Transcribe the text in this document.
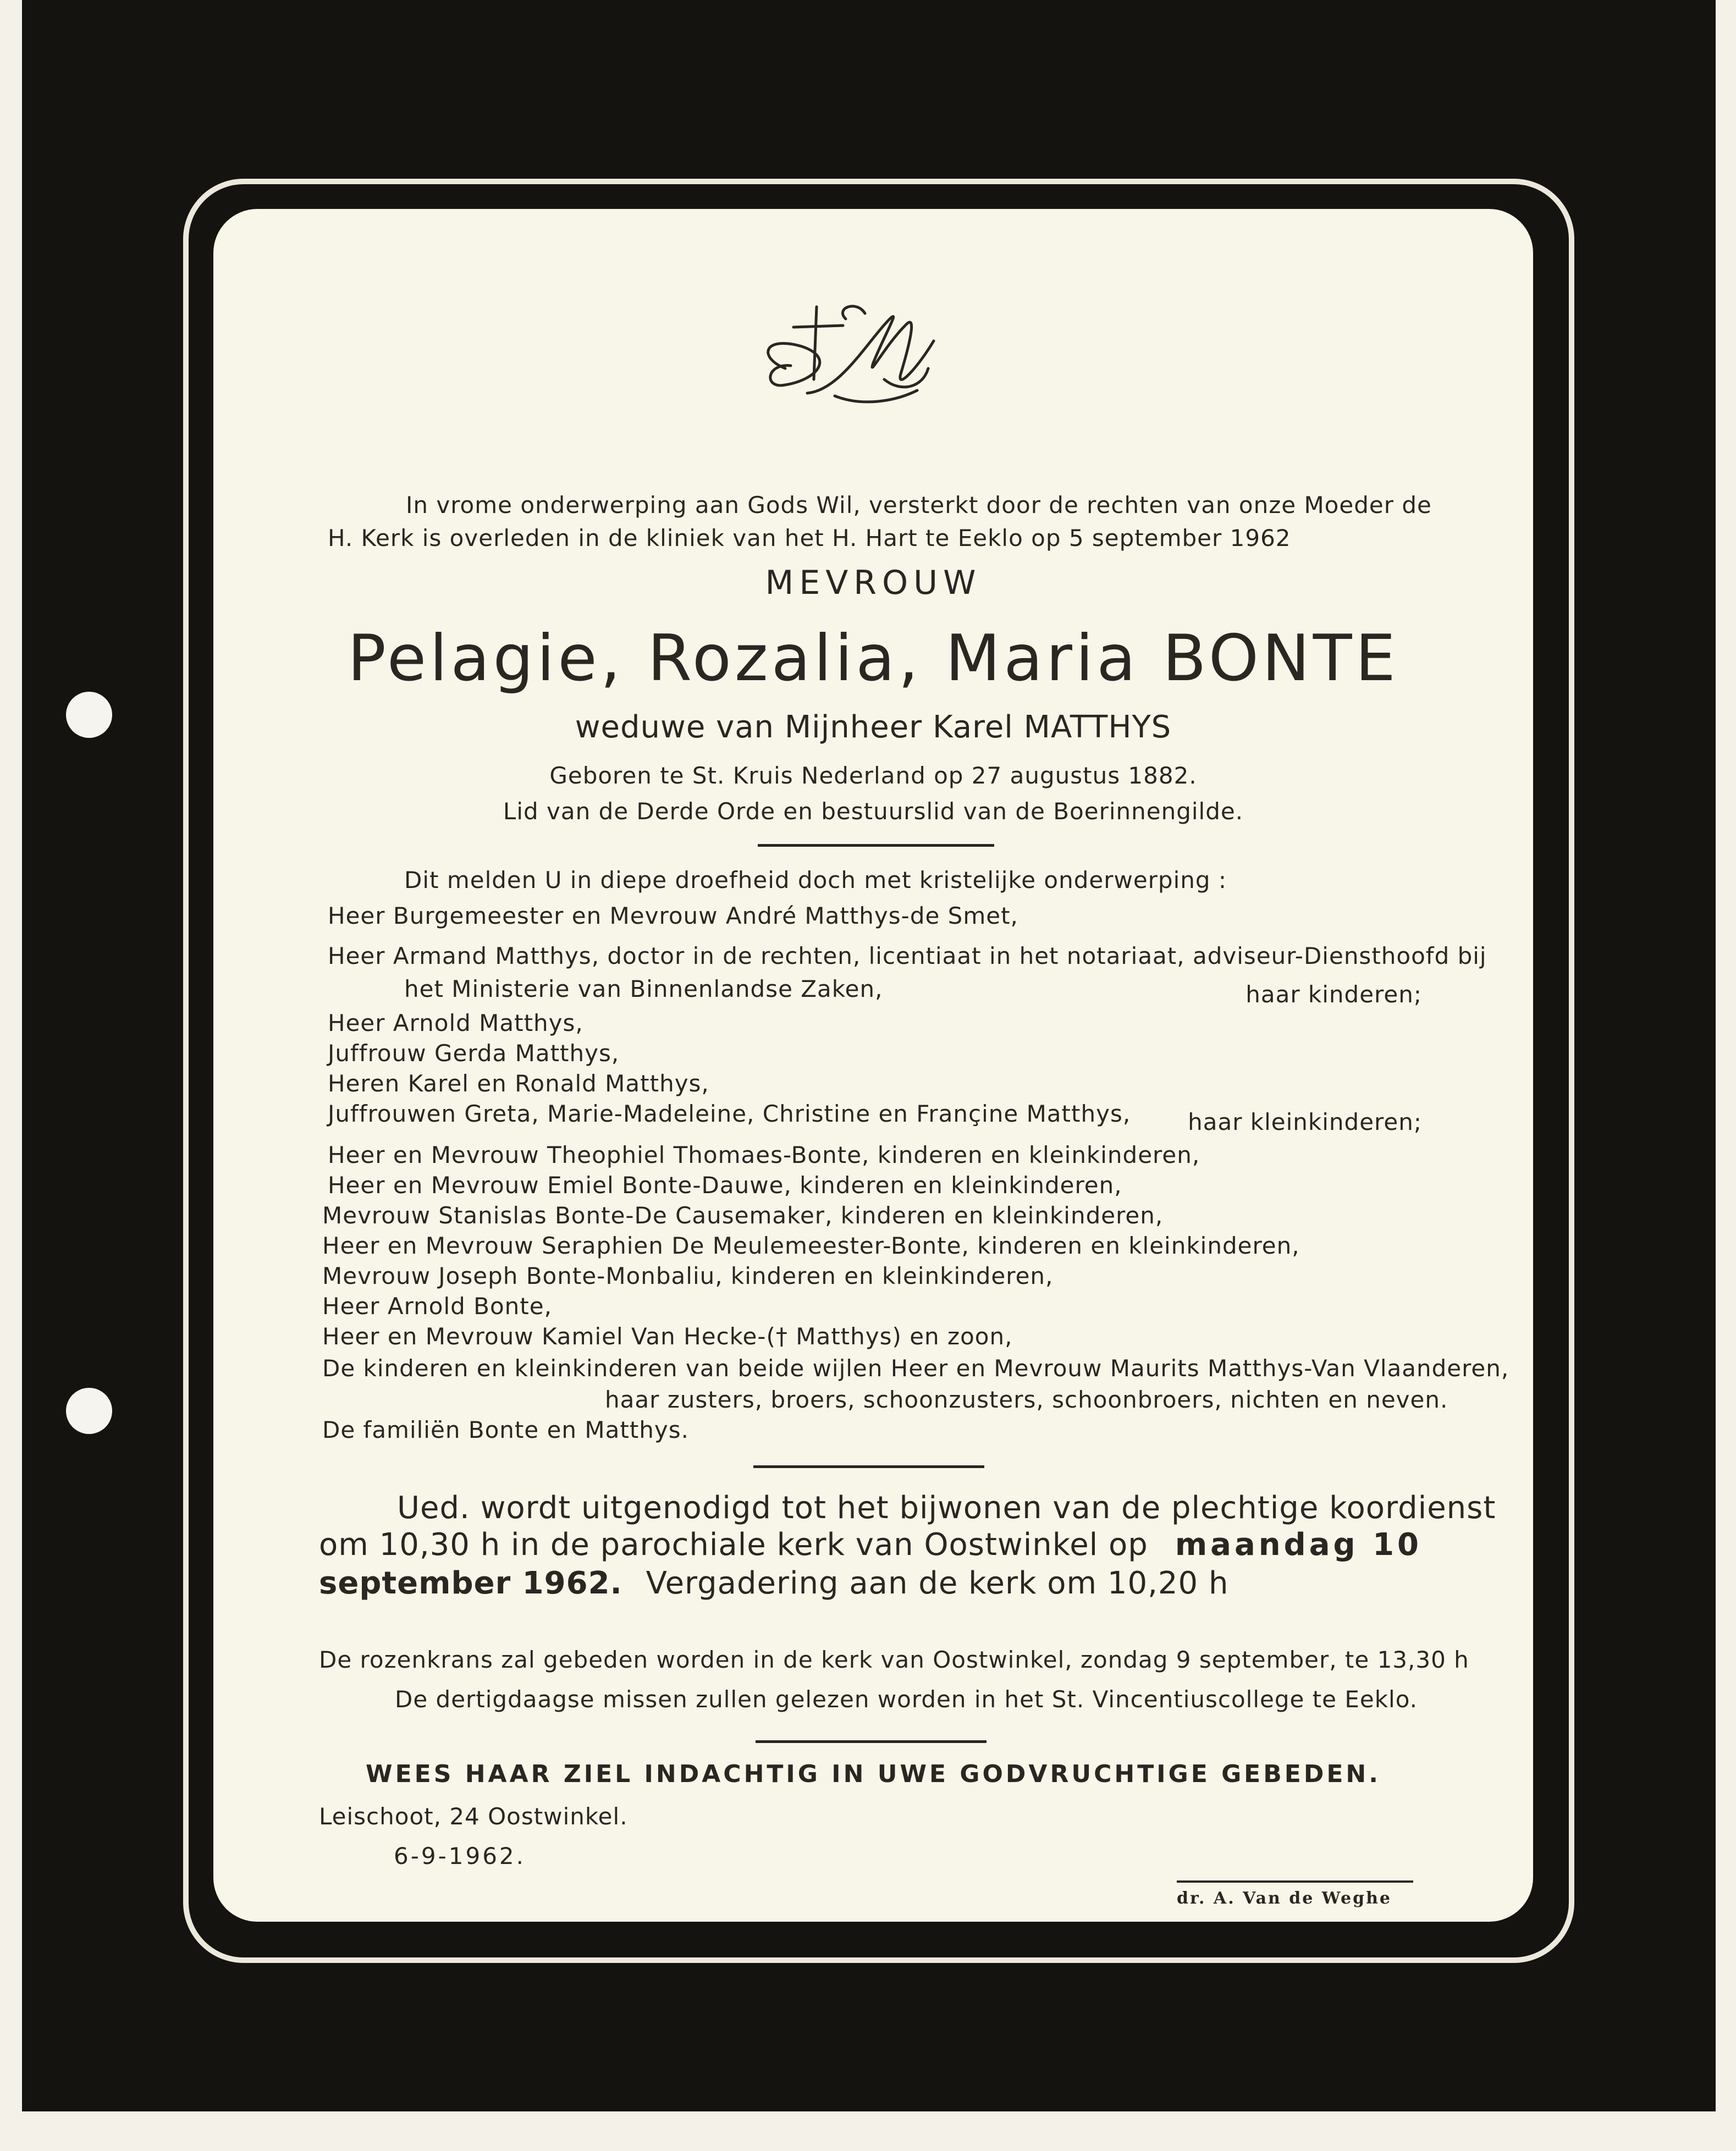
In vrome onderwerping aan Gods Wil, versterkt door de rechten van onze Moeder de
H. Kerk is overleden in de kliniek van het H. Hart te Eeklo op 5 september 1962
MEVROUW
Pelagie, Rozalia, Maria BONTE
weduwe van Mijnheer Karel MATTHYS
Geboren te St. Kruis Nederland op 27 augustus 1882.
Lid van de Derde Orde en bestuurslid van de Boerinnengilde.
Dit melden U in diepe droefheid doch met kristelijke onderwerping :
Heer Burgemeester en Mevrouw André Matthys-de Smet,
Heer Armand Matthys, doctor in de rechten, licentiaat in het notariaat, adviseur-Diensthoofd bij
het Ministerie van Binnenlandse Zaken,	haar kinderen;
Heer Arnold Matthys,
Juffrouw Gerda Matthys,
Heren Karel en Ronald Matthys,
Juffrouwen Greta, Marie-Madeleine, Christine en Françine Matthys,	haar kleinkinderen;
Heer en Mevrouw Theophiel Thomaes-Bonte, kinderen en kleinkinderen,
Heer en Mevrouw Emiel Bonte-Dauwe, kinderen en kleinkinderen,
Mevrouw Stanislas Bonte-De Causemaker, kinderen en kleinkinderen,
Heer en Mevrouw Seraphien De Meulemeester-Bonte, kinderen en kleinkinderen,
Mevrouw Joseph Bonte-Monbaliu, kinderen en kleinkinderen,
Heer Arnold Bonte,
Heer en Mevrouw Kamiel Van Hecke-(† Matthys) en zoon,
De kinderen en kleinkinderen van beide wijlen Heer en Mevrouw Maurits Matthys-Van Vlaanderen,
haar zusters, broers, schoonzusters, schoonbroers, nichten en neven.
De familiën Bonte en Matthys.
Ued. wordt uitgenodigd tot het bijwonen van de plechtige koordienst
om 10,30 h in de parochiale kerk van Oostwinkel op maandag 10
september 1962. Vergadering aan de kerk om 10,20 h
De rozenkrans zal gebeden worden in de kerk van Oostwinkel, zondag 9 september, te 13,30 h
De dertigdaagse missen zullen gelezen worden in het St. Vincentiuscollege te Eeklo.
WEES HAAR ZIEL INDACHTIG IN UWE GODVRUCHTIGE GEBEDEN.
Leischoot, 24 Oostwinkel.
6-9-1962.
dr. A. Van de Weghe
